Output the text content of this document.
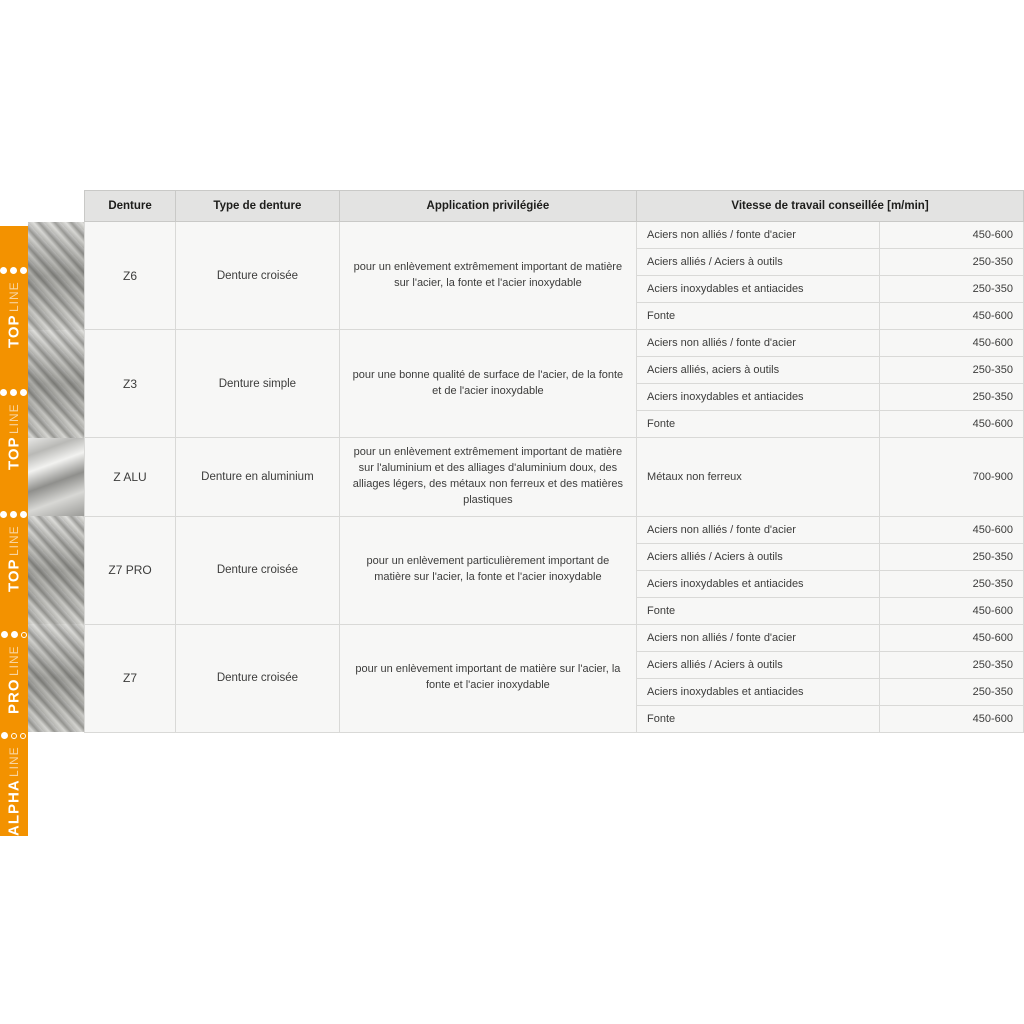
TOP
LINE
TOP
LINE
TOP
LINE
PRO
LINE
ALPHA
LINE
Denture	Type de denture	Application privilégiée	Vitesse de travail conseillée [m/min]	
Z6	Denture croisée	pour un enlèvement extrêmement important de matière sur l'acier, la fonte et l'acier inoxydable	Aciers non alliés / fonte d'acier	450-600
			Aciers alliés / Aciers à outils	250-350
			Aciers inoxydables et antiacides	250-350
			Fonte	450-600
Z3	Denture simple	pour une bonne qualité de surface de l'acier, de la fonte et de l'acier inoxydable	Aciers non alliés / fonte d'acier	450-600
			Aciers alliés, aciers à outils	250-350
			Aciers inoxydables et antiacides	250-350
			Fonte	450-600
Z ALU	Denture en aluminium	pour un enlèvement extrêmement important de matière sur l'aluminium et des alliages d'aluminium doux, des alliages légers, des métaux non ferreux et des matières plastiques	Métaux non ferreux	700-900
Z7 PRO	Denture croisée	pour un enlèvement particulièrement important de matière sur l'acier, la fonte et l'acier inoxydable	Aciers non alliés / fonte d'acier	450-600
			Aciers alliés / Aciers à outils	250-350
			Aciers inoxydables et antiacides	250-350
			Fonte	450-600
Z7	Denture croisée	pour un enlèvement important de matière sur l'acier, la fonte et l'acier inoxydable	Aciers non alliés / fonte d'acier	450-600
			Aciers alliés / Aciers à outils	250-350
			Aciers inoxydables et antiacides	250-350
			Fonte	450-600
